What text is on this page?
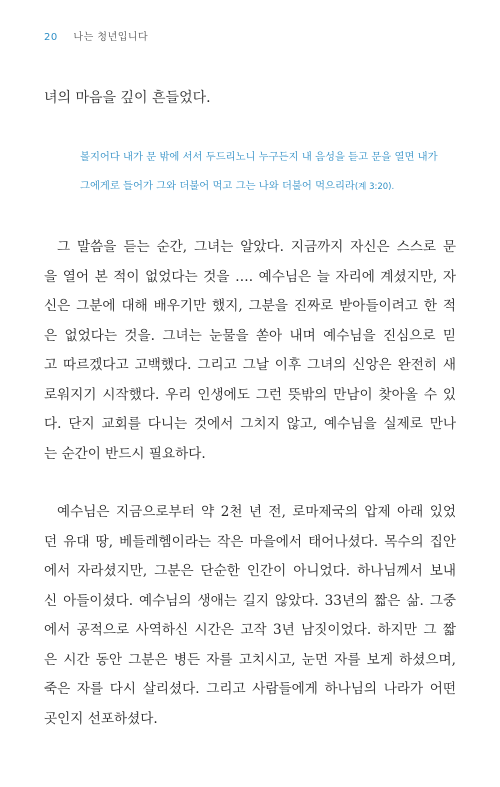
20 나는 청년입니다
녀의 마음을 깊이 흔들었다.
볼지어다 내가 문 밖에 서서 두드리노니 누구든지 내 음성을 듣고 문을 열면 내가
그에게로 들어가 그와 더불어 먹고 그는 나와 더불어 먹으리라(계 3:20).
그 말씀을 듣는 순간, 그녀는 알았다. 지금까지 자신은 스스로 문
을 열어 본 적이 없었다는 것을 …. 예수님은 늘 자리에 계셨지만, 자
신은 그분에 대해 배우기만 했지, 그분을 진짜로 받아들이려고 한 적
은 없었다는 것을. 그녀는 눈물을 쏟아 내며 예수님을 진심으로 믿
고 따르겠다고 고백했다. 그리고 그날 이후 그녀의 신앙은 완전히 새
로워지기 시작했다. 우리 인생에도 그런 뜻밖의 만남이 찾아올 수 있
다. 단지 교회를 다니는 것에서 그치지 않고, 예수님을 실제로 만나
는 순간이 반드시 필요하다.
예수님은 지금으로부터 약 2천 년 전, 로마제국의 압제 아래 있었
던 유대 땅, 베들레헴이라는 작은 마을에서 태어나셨다. 목수의 집안
에서 자라셨지만, 그분은 단순한 인간이 아니었다. 하나님께서 보내
신 아들이셨다. 예수님의 생애는 길지 않았다. 33년의 짧은 삶. 그중
에서 공적으로 사역하신 시간은 고작 3년 남짓이었다. 하지만 그 짧
은 시간 동안 그분은 병든 자를 고치시고, 눈먼 자를 보게 하셨으며,
죽은 자를 다시 살리셨다. 그리고 사람들에게 하나님의 나라가 어떤
곳인지 선포하셨다.
